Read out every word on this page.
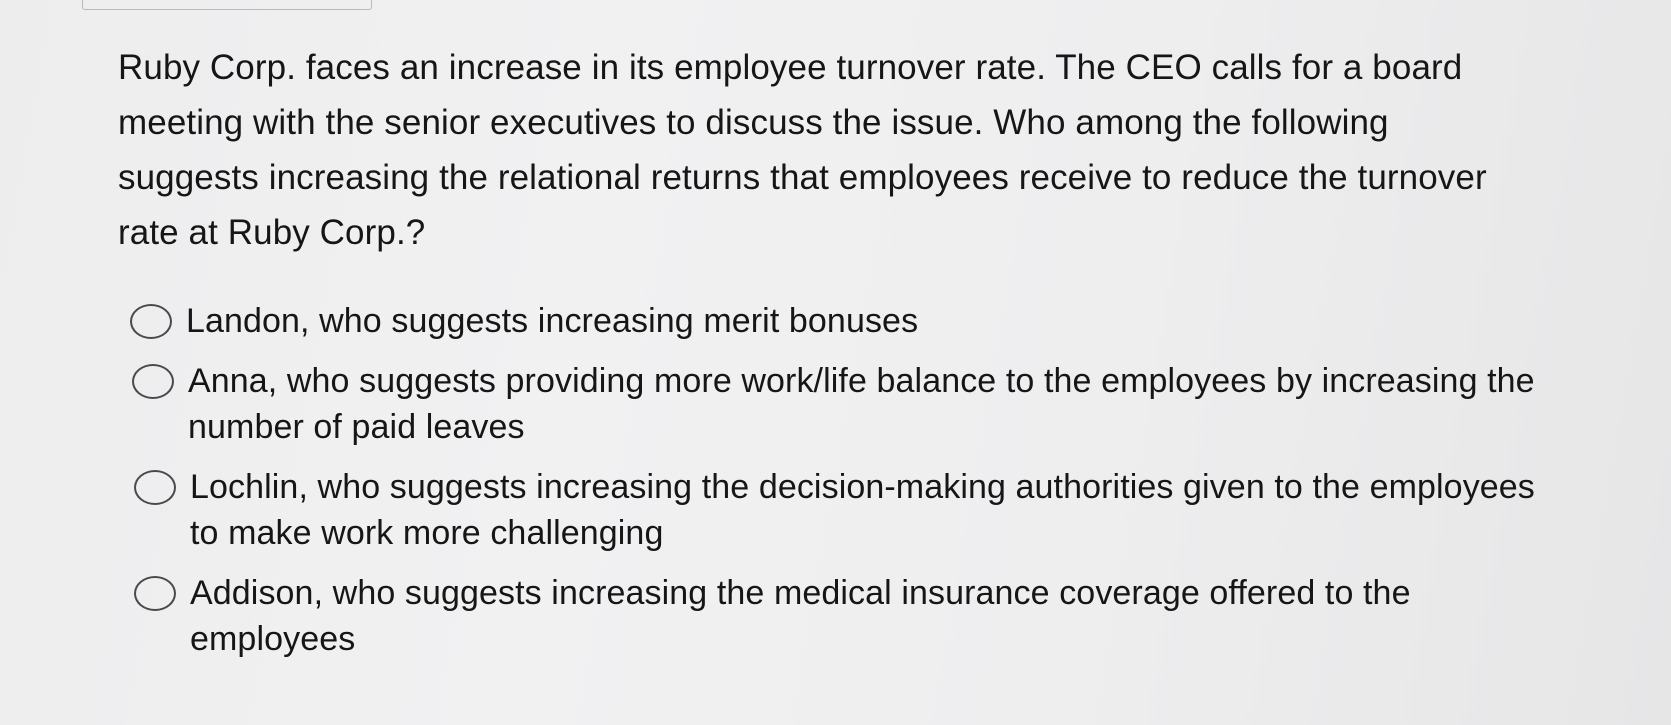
Ruby Corp. faces an increase in its employee turnover rate. The CEO calls for a board meeting with the senior executives to discuss the issue. Who among the following suggests increasing the relational returns that employees receive to reduce the turnover rate at Ruby Corp.?

Landon, who suggests increasing merit bonuses
Anna, who suggests providing more work/life balance to the employees by increasing the number of paid leaves
Lochlin, who suggests increasing the decision-making authorities given to the employees to make work more challenging
Addison, who suggests increasing the medical insurance coverage offered to the employees
